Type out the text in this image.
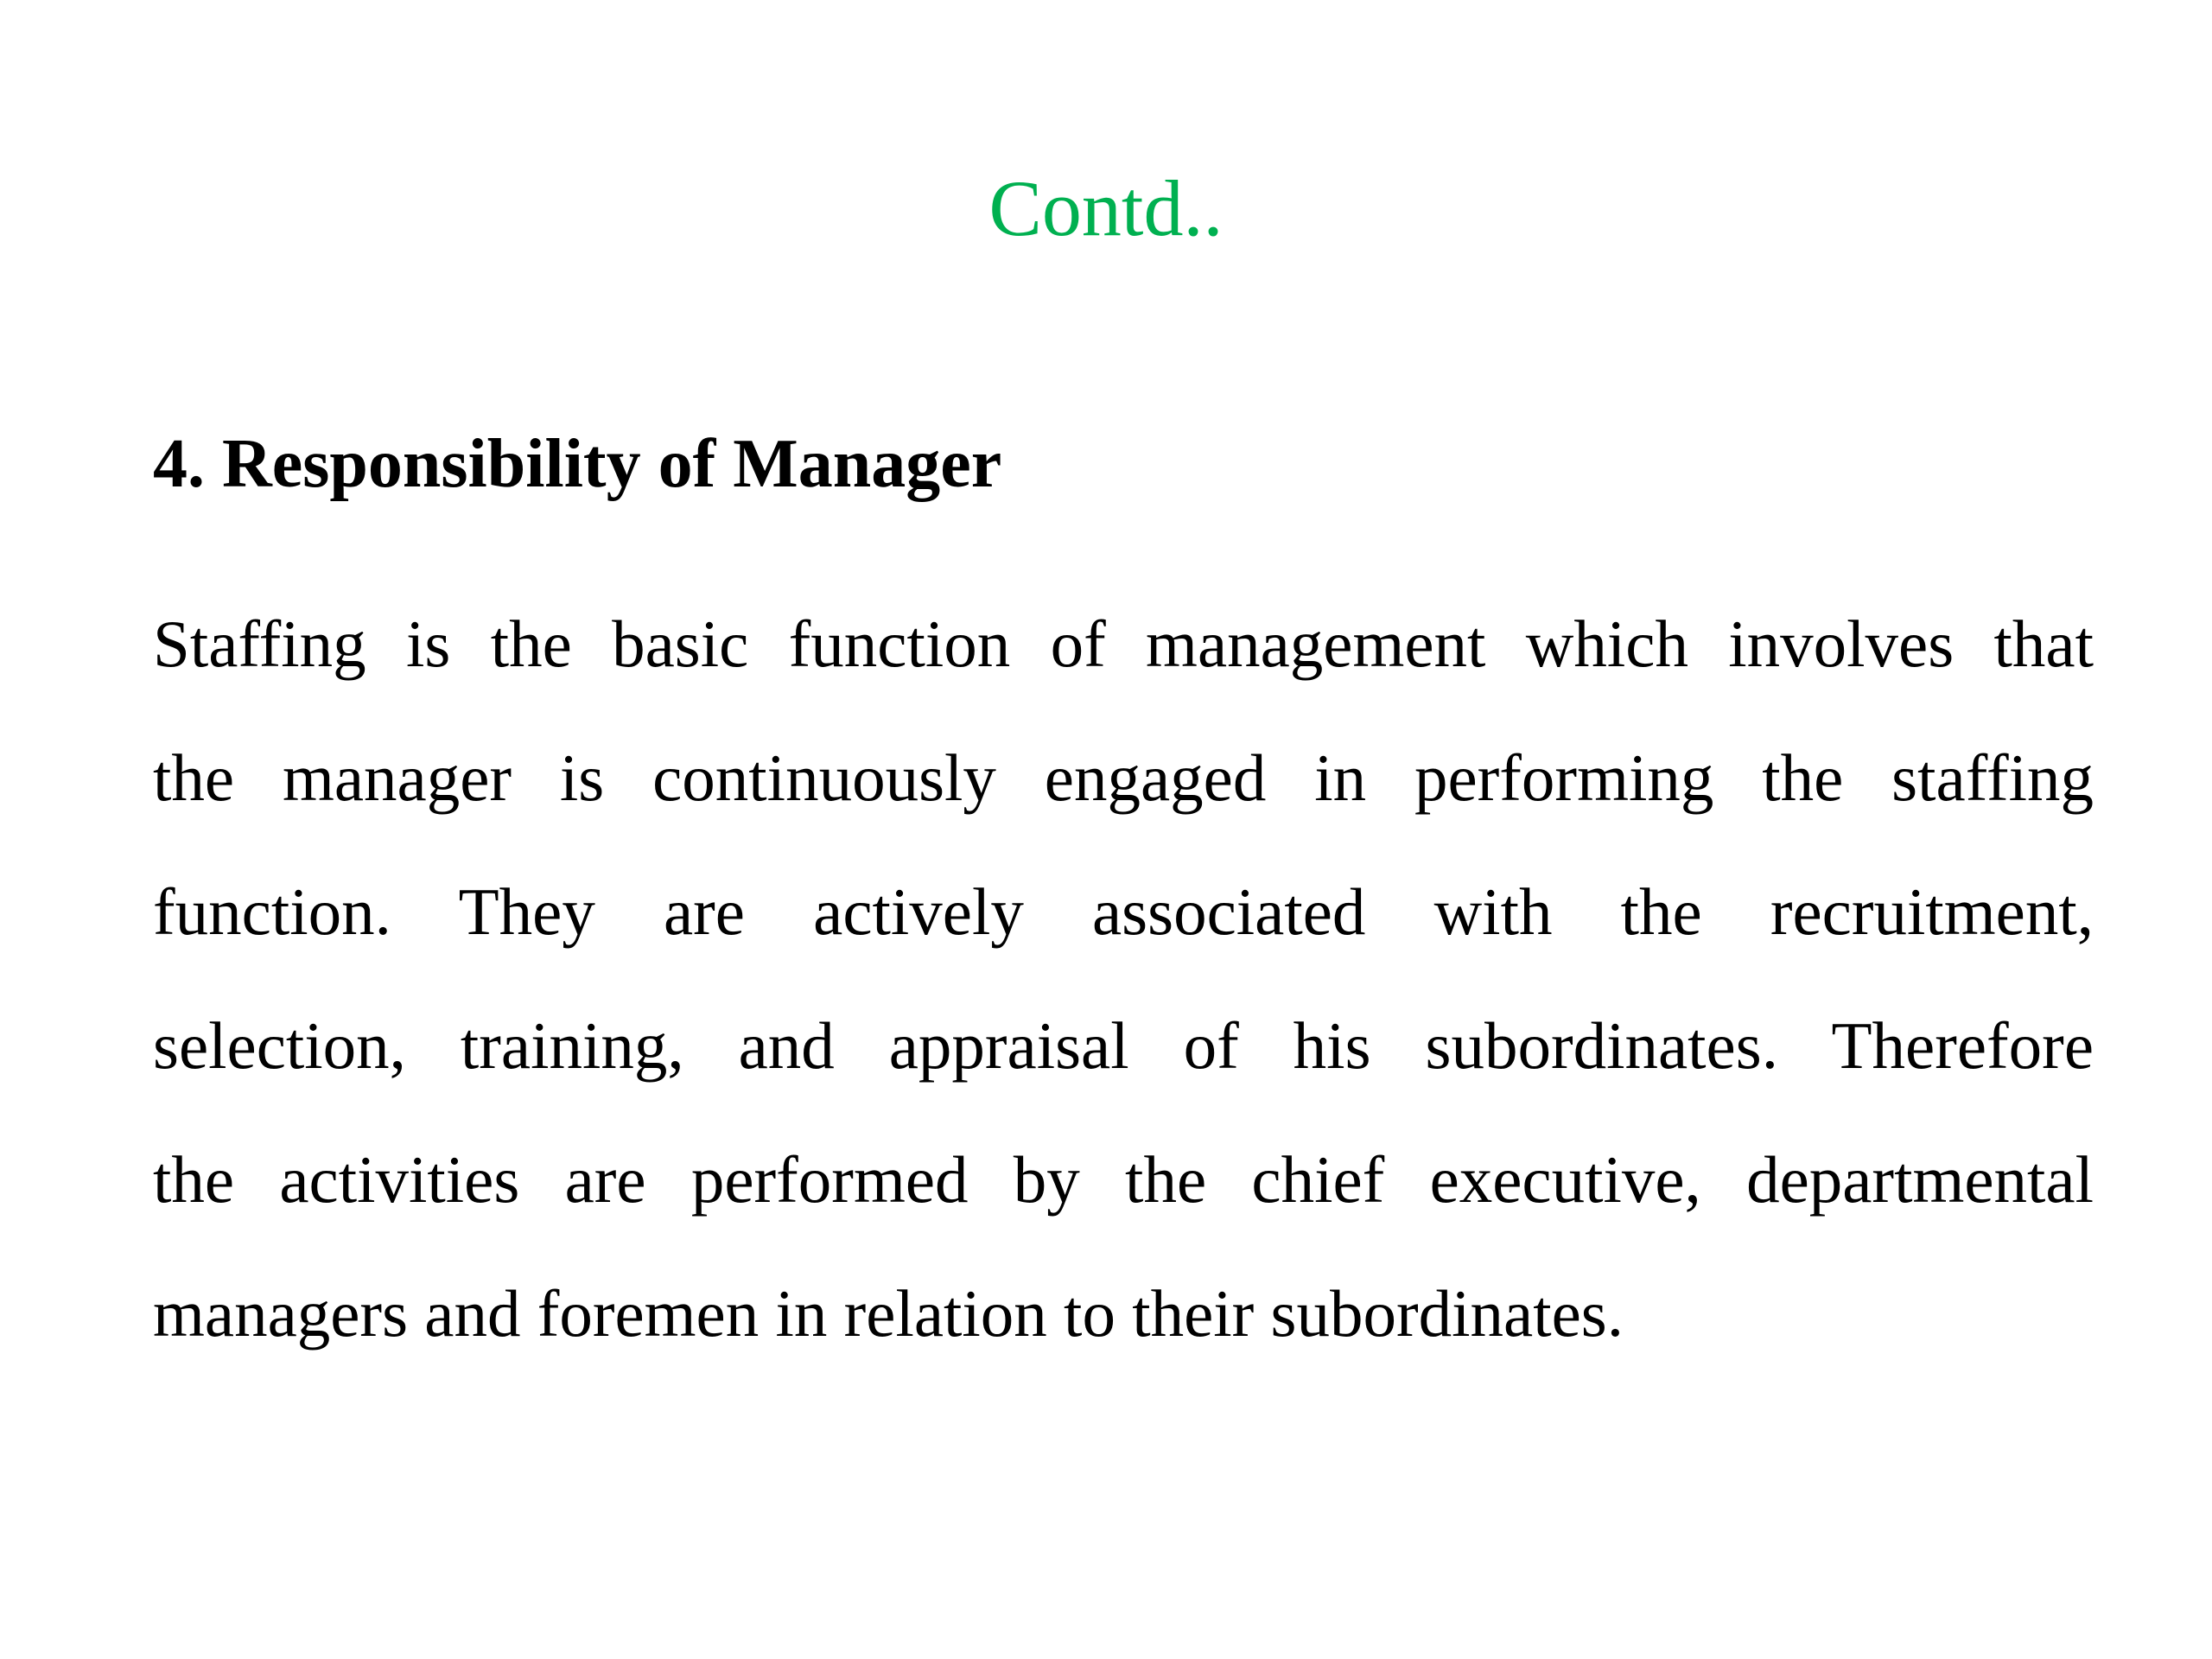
Contd..
4. Responsibility of Manager
Staffing is the basic function of management which involves that
the manager is continuously engaged in performing the staffing
function. They are actively associated with the recruitment,
selection, training, and appraisal of his subordinates. Therefore
the activities are performed by the chief executive, departmental
managers and foremen in relation to their subordinates.
